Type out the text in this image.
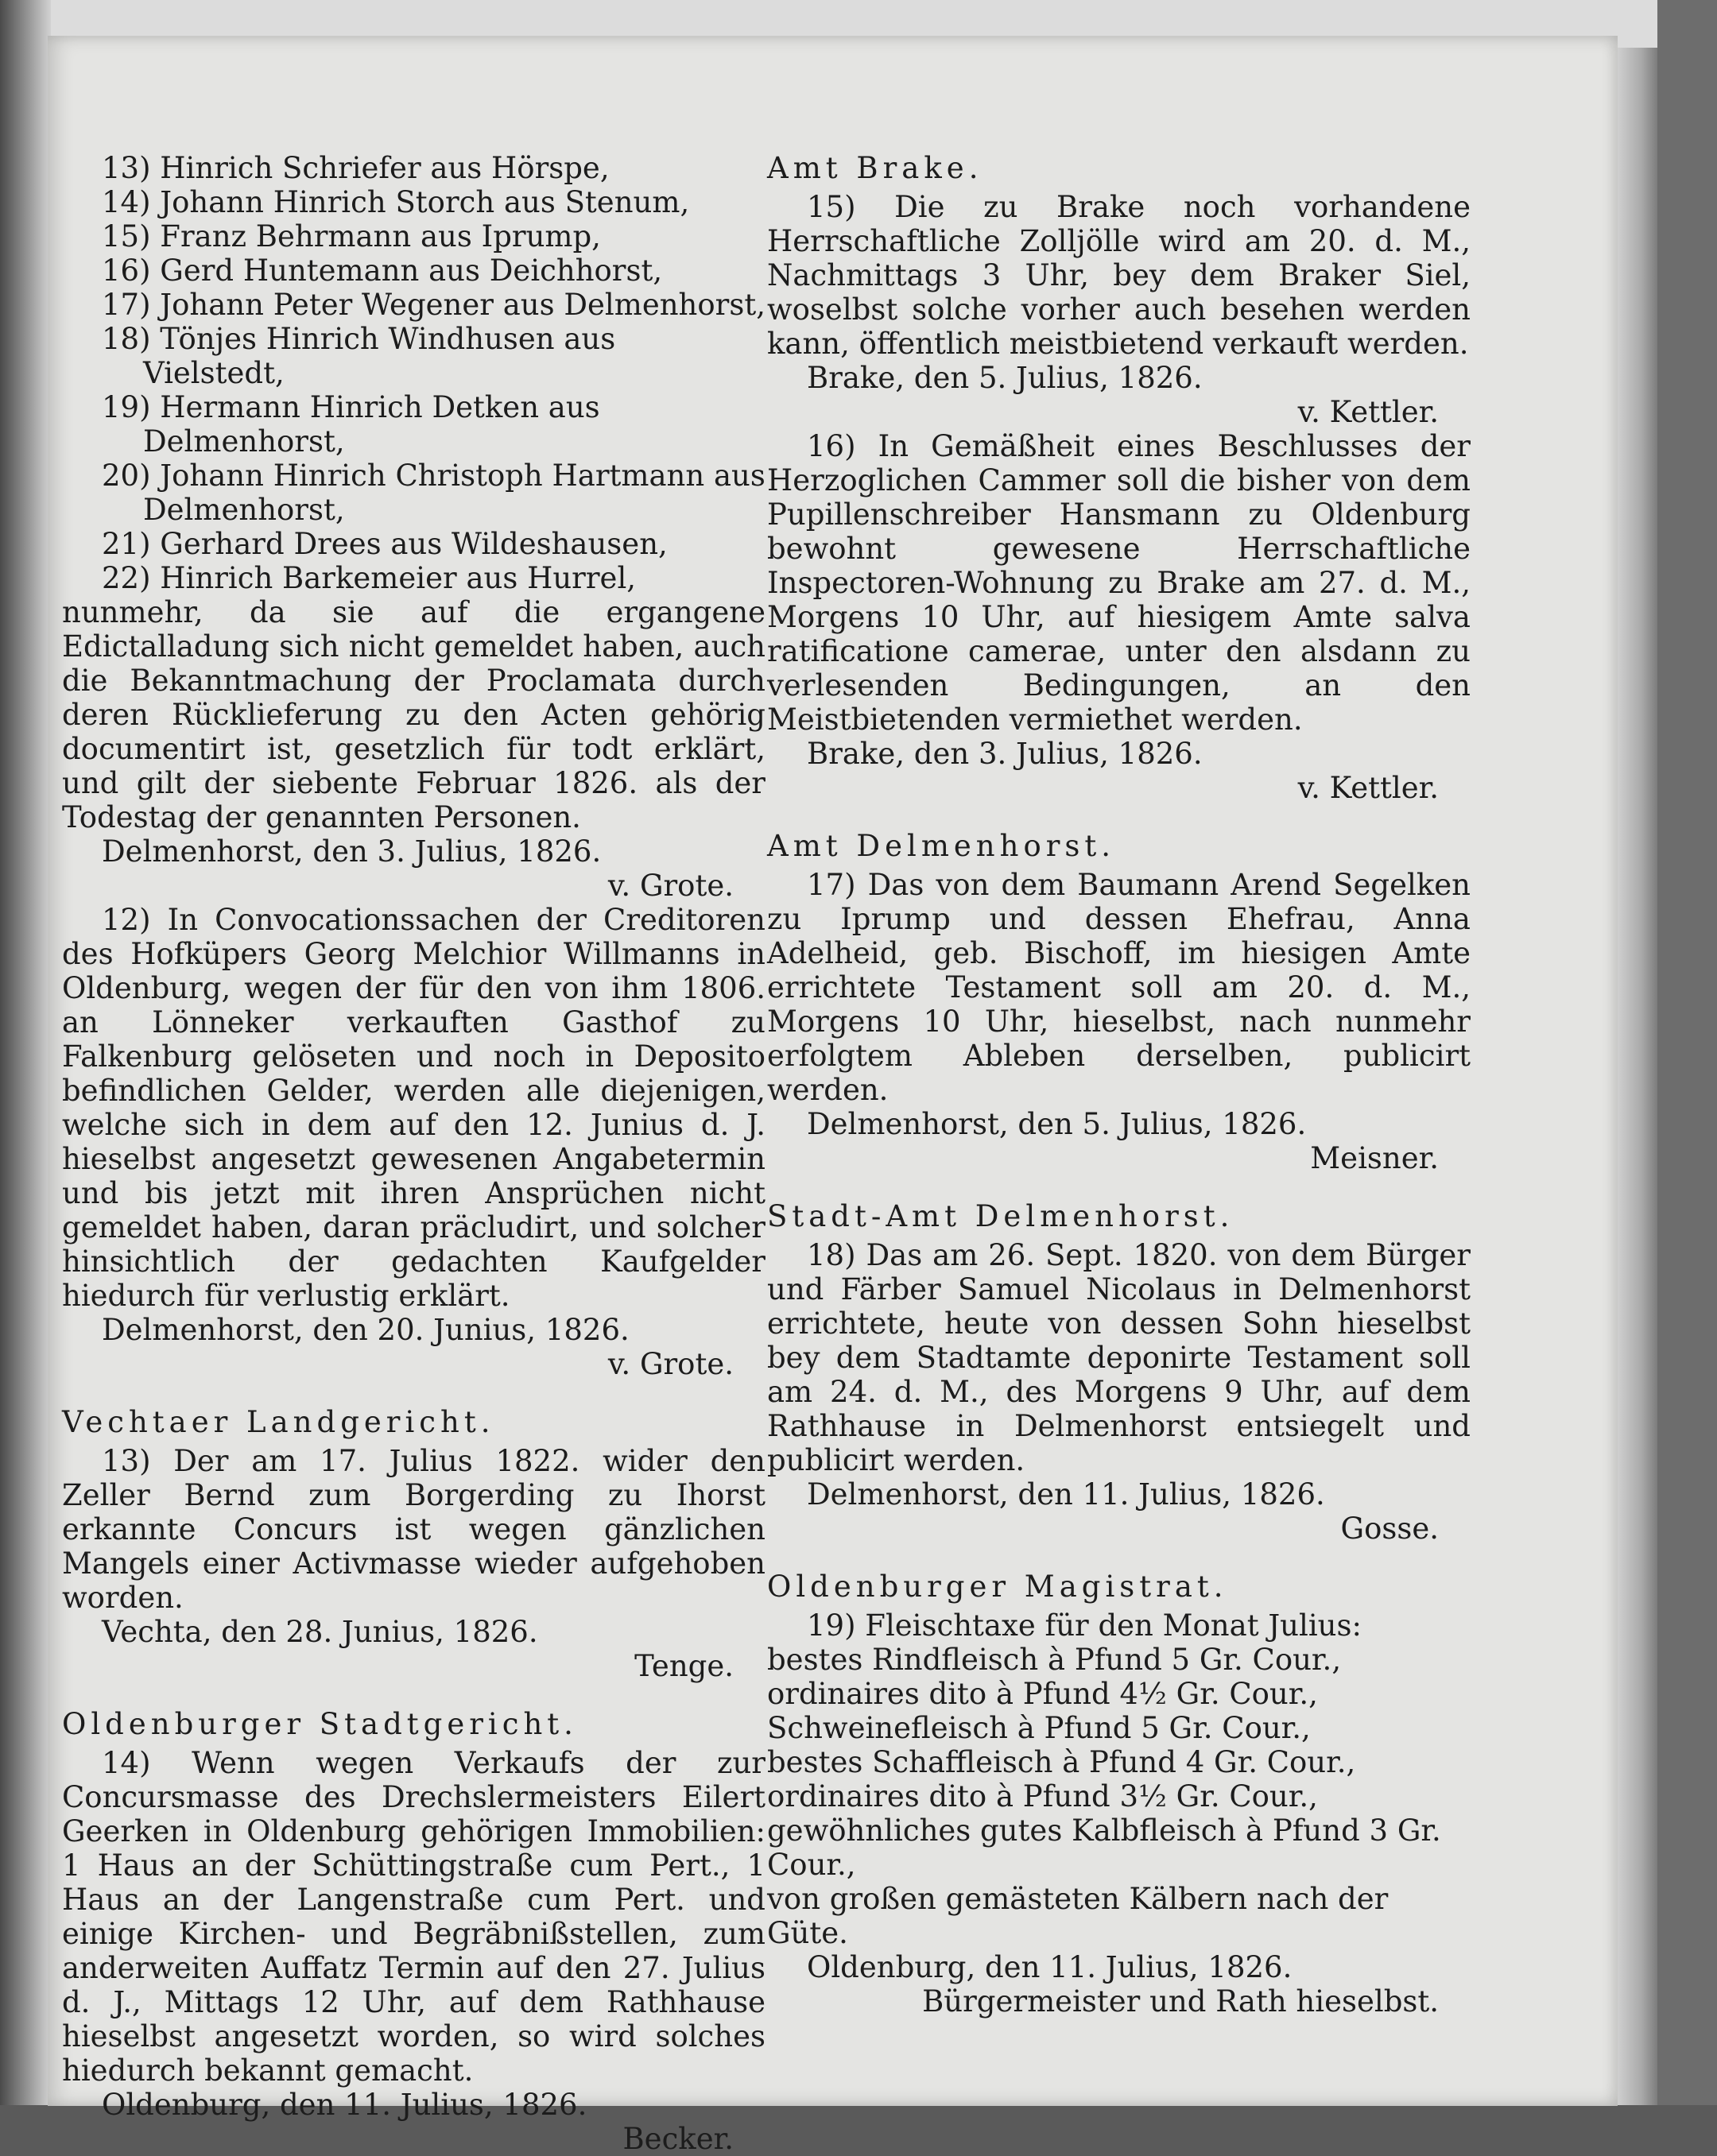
13) Hinrich Schriefer aus Hörspe,

14) Johann Hinrich Storch aus Stenum,

15) Franz Behrmann aus Iprump,

16) Gerd Huntemann aus Deichhorst,

17) Johann Peter Wegener aus Delmenhorst,

18) Tönjes Hinrich Windhusen aus Vielstedt,

19) Hermann Hinrich Detken aus Delmenhorst,

20) Johann Hinrich Christoph Hartmann aus Delmenhorst,

21) Gerhard Drees aus Wildeshausen,

22) Hinrich Barkemeier aus Hurrel,

nunmehr, da sie auf die ergangene Edictalladung sich nicht gemeldet haben, auch die Bekanntmachung der Proclamata durch deren Rücklieferung zu den Acten gehörig documentirt ist, gesetzlich für todt erklärt, und gilt der siebente Februar 1826. als der Todestag der genannten Personen.

Delmenhorst, den 3. Julius, 1826.

v. Grote.

12) In Convocationssachen der Creditoren des Hofküpers Georg Melchior Willmanns in Oldenburg, wegen der für den von ihm 1806. an Lönneker verkauften Gasthof zu Falkenburg gelöseten und noch in Deposito befindlichen Gelder, werden alle diejenigen, welche sich in dem auf den 12. Junius d. J. hieselbst angesetzt gewesenen Angabetermin und bis jetzt mit ihren Ansprüchen nicht gemeldet haben, daran präcludirt, und solcher hinsichtlich der gedachten Kaufgelder hiedurch für verlustig erklärt.

Delmenhorst, den 20. Junius, 1826.

v. Grote.

Vechtaer Landgericht.

13) Der am 17. Julius 1822. wider den Zeller Bernd zum Borgerding zu Ihorst erkannte Concurs ist wegen gänzlichen Mangels einer Activmasse wieder aufgehoben worden.

Vechta, den 28. Junius, 1826.

Tenge.

Oldenburger Stadtgericht.

14) Wenn wegen Verkaufs der zur Concursmasse des Drechslermeisters Eilert Geerken in Oldenburg gehörigen Immobilien: 1 Haus an der Schüttingstraße cum Pert., 1 Haus an der Langenstraße cum Pert. und einige Kirchen- und Begräbnißstellen, zum anderweiten Auffatz Termin auf den 27. Julius d. J., Mittags 12 Uhr, auf dem Rathhause hieselbst angesetzt worden, so wird solches hiedurch bekannt gemacht.

Oldenburg, den 11. Julius, 1826.

Becker.

Amt Brake.

15) Die zu Brake noch vorhandene Herrschaftliche Zolljölle wird am 20. d. M., Nachmittags 3 Uhr, bey dem Braker Siel, woselbst solche vorher auch besehen werden kann, öffentlich meistbietend verkauft werden.

Brake, den 5. Julius, 1826.

v. Kettler.

16) In Gemäßheit eines Beschlusses der Herzoglichen Cammer soll die bisher von dem Pupillenschreiber Hansmann zu Oldenburg bewohnt gewesene Herrschaftliche Inspectoren-Wohnung zu Brake am 27. d. M., Morgens 10 Uhr, auf hiesigem Amte salva ratificatione camerae, unter den alsdann zu verlesenden Bedingungen, an den Meistbietenden vermiethet werden.

Brake, den 3. Julius, 1826.

v. Kettler.

Amt Delmenhorst.

17) Das von dem Baumann Arend Segelken zu Iprump und dessen Ehefrau, Anna Adelheid, geb. Bischoff, im hiesigen Amte errichtete Testament soll am 20. d. M., Morgens 10 Uhr, hieselbst, nach nunmehr erfolgtem Ableben derselben, publicirt werden.

Delmenhorst, den 5. Julius, 1826.

Meisner.

Stadt-Amt Delmenhorst.

18) Das am 26. Sept. 1820. von dem Bürger und Färber Samuel Nicolaus in Delmenhorst errichtete, heute von dessen Sohn hieselbst bey dem Stadtamte deponirte Testament soll am 24. d. M., des Morgens 9 Uhr, auf dem Rathhause in Delmenhorst entsiegelt und publicirt werden.

Delmenhorst, den 11. Julius, 1826.

Gosse.

Oldenburger Magistrat.

19) Fleischtaxe für den Monat Julius:

bestes Rindfleisch à Pfund 5 Gr. Cour.,

ordinaires dito à Pfund 4½ Gr. Cour.,

Schweinefleisch à Pfund 5 Gr. Cour.,

bestes Schaffleisch à Pfund 4 Gr. Cour.,

ordinaires dito à Pfund 3½ Gr. Cour.,

gewöhnliches gutes Kalbfleisch à Pfund 3 Gr. Cour.,

von großen gemästeten Kälbern nach der Güte.

Oldenburg, den 11. Julius, 1826.

Bürgermeister und Rath hieselbst.
